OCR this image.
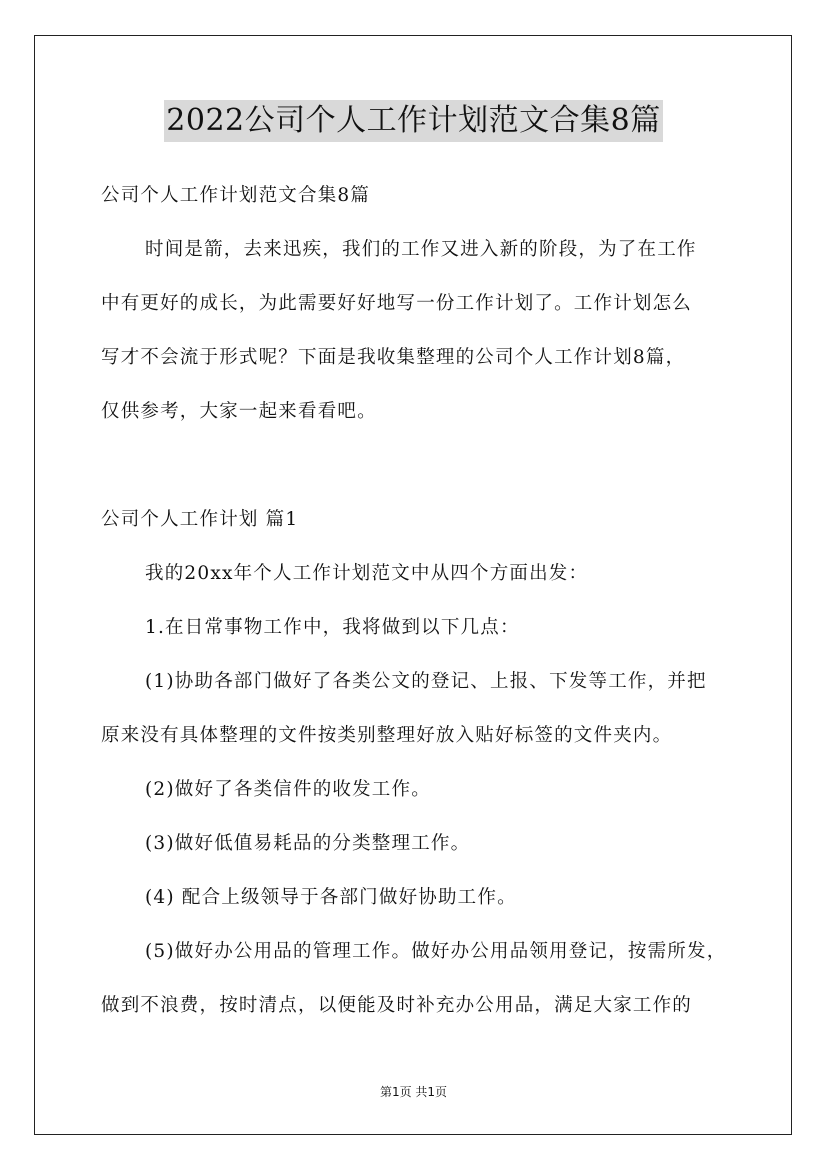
2022公司个人工作计划范文合集8篇
公司个人工作计划范文合集8篇
时间是箭，去来迅疾，我们的工作又进入新的阶段，为了在工作
中有更好的成长，为此需要好好地写一份工作计划了。工作计划怎么
写才不会流于形式呢？下面是我收集整理的公司个人工作计划8篇，
仅供参考，大家一起来看看吧。
公司个人工作计划 篇1
我的20xx年个人工作计划范文中从四个方面出发：
1.在日常事物工作中，我将做到以下几点：
(1)协助各部门做好了各类公文的登记、上报、下发等工作，并把
原来没有具体整理的文件按类别整理好放入贴好标签的文件夹内。
(2)做好了各类信件的收发工作。
(3)做好低值易耗品的分类整理工作。
(4) 配合上级领导于各部门做好协助工作。
(5)做好办公用品的管理工作。做好办公用品领用登记，按需所发，
做到不浪费，按时清点，以便能及时补充办公用品，满足大家工作的
第1页 共1页
